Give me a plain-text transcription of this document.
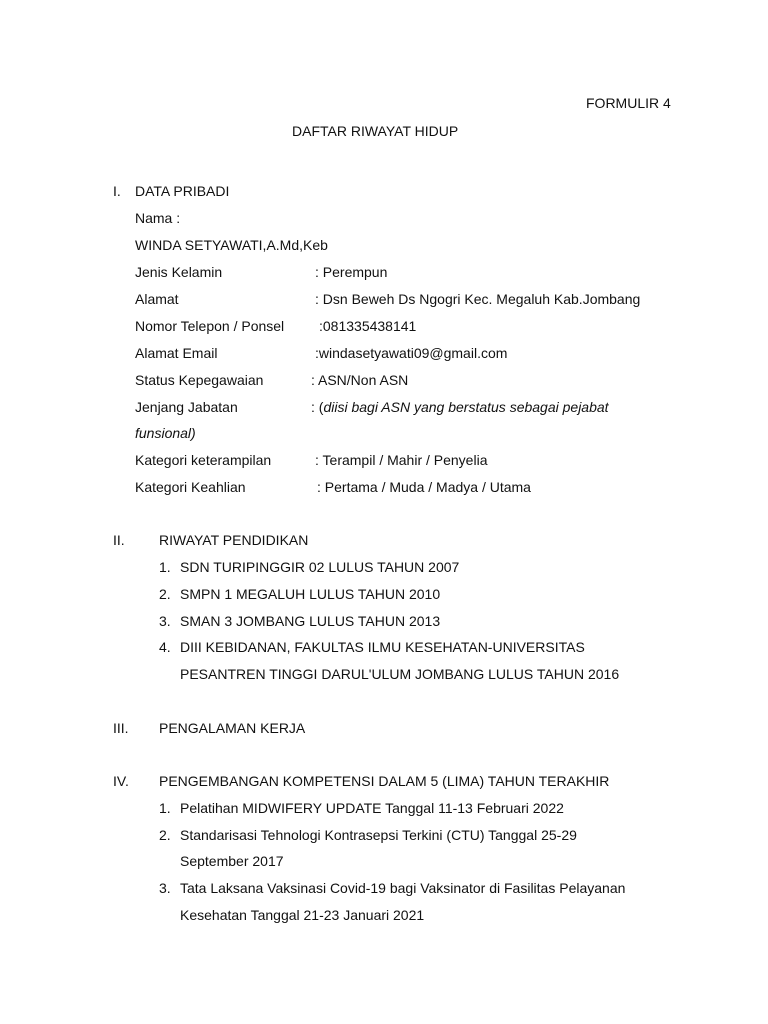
FORMULIR 4
DAFTAR RIWAYAT HIDUP
I. DATA PRIBADI
Nama :
WINDA SETYAWATI,A.Md,Keb
Jenis Kelamin	: Perempun
Alamat	: Dsn Beweh Ds Ngogri Kec. Megaluh Kab.Jombang
Nomor Telepon / Ponsel :081335438141
Alamat Email	:windasetyawati09@gmail.com
Status Kepegawaian	: ASN/Non ASN
Jenjang Jabatan	: (diisi bagi ASN yang berstatus sebagai pejabat
funsional)
Kategori keterampilan	: Terampil / Mahir / Penyelia
Kategori Keahlian	: Pertama / Muda / Madya / Utama
II. RIWAYAT PENDIDIKAN
1. SDN TURIPINGGIR 02 LULUS TAHUN 2007
2. SMPN 1 MEGALUH LULUS TAHUN 2010
3. SMAN 3 JOMBANG LULUS TAHUN 2013
4. DIII KEBIDANAN, FAKULTAS ILMU KESEHATAN-UNIVERSITAS
PESANTREN TINGGI DARUL'ULUM JOMBANG LULUS TAHUN 2016
III. PENGALAMAN KERJA
IV. PENGEMBANGAN KOMPETENSI DALAM 5 (LIMA) TAHUN TERAKHIR
1. Pelatihan MIDWIFERY UPDATE Tanggal 11-13 Februari 2022
2. Standarisasi Tehnologi Kontrasepsi Terkini (CTU) Tanggal 25-29
September 2017
3. Tata Laksana Vaksinasi Covid-19 bagi Vaksinator di Fasilitas Pelayanan
Kesehatan Tanggal 21-23 Januari 2021
